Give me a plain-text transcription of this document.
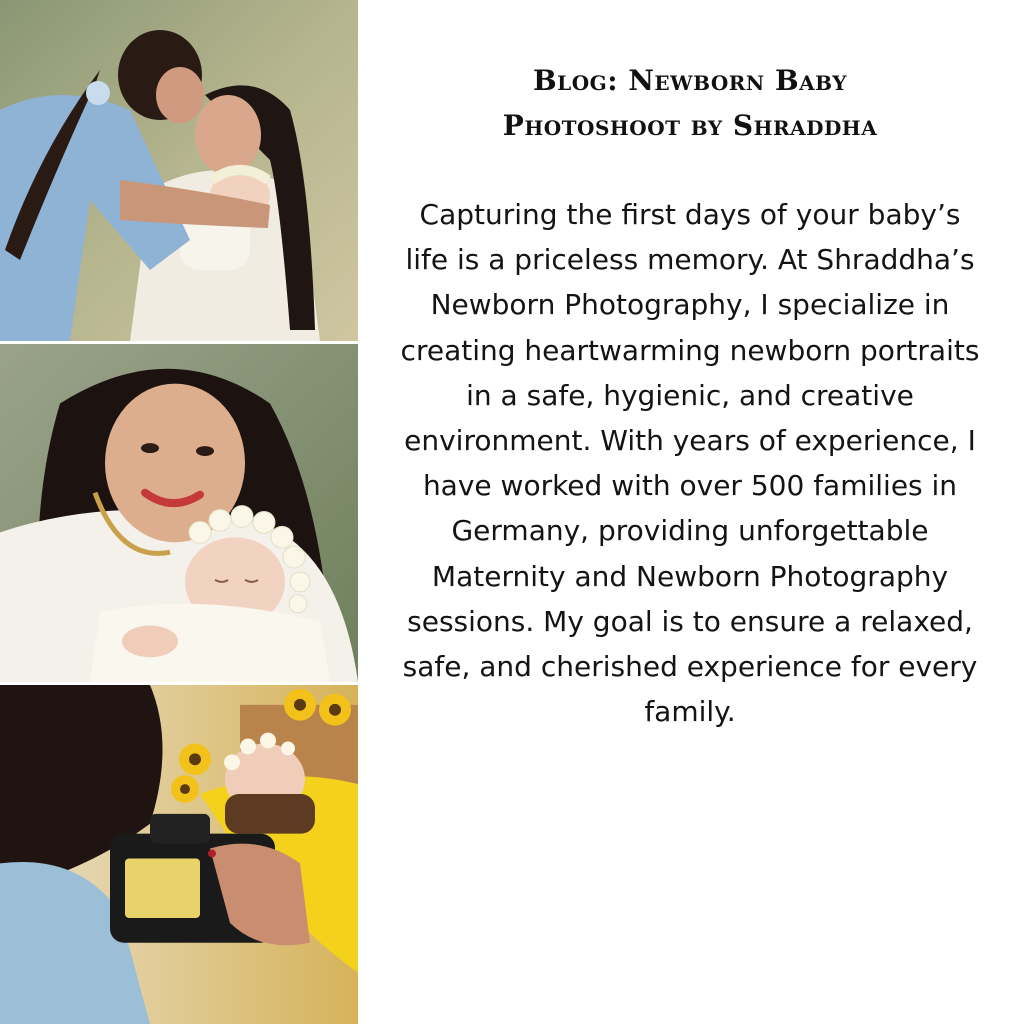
Blog: Newborn Baby Photoshoot by Shraddha

Capturing the first days of your baby’s life is a priceless memory. At Shraddha’s Newborn Photography, I specialize in creating heartwarming newborn portraits in a safe, hygienic, and creative environment. With years of experience, I have worked with over 500 families in Germany, providing unforgettable Maternity and Newborn Photography sessions. My goal is to ensure a relaxed, safe, and cherished experience for every family.
